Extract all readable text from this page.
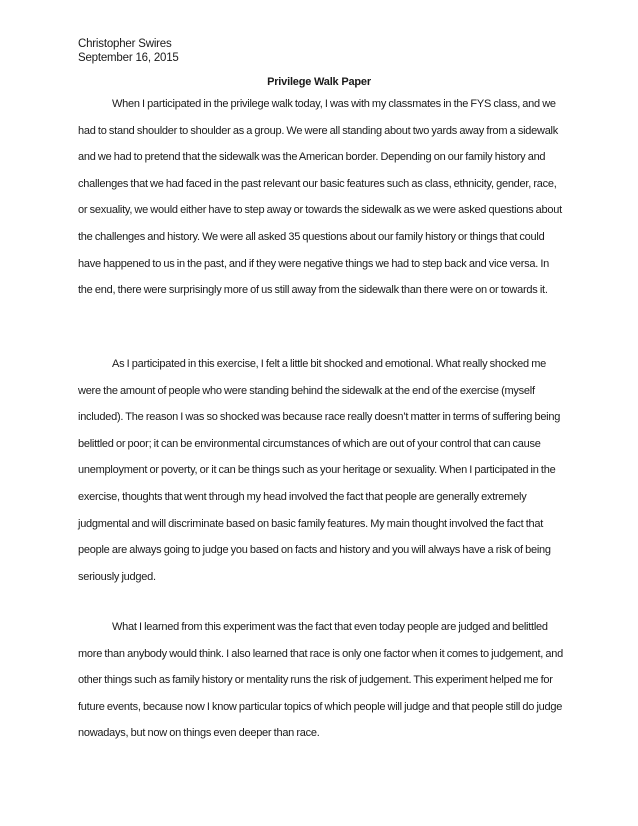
Christopher Swires
September 16, 2015
Privilege Walk Paper

When I participated in the privilege walk today, I was with my classmates in the FYS class, and we had to stand shoulder to shoulder as a group. We were all standing about two yards away from a sidewalk and we had to pretend that the sidewalk was the American border. Depending on our family history and challenges that we had faced in the past relevant our basic features such as class, ethnicity, gender, race, or sexuality, we would either have to step away or towards the sidewalk as we were asked questions about the challenges and history. We were all asked 35 questions about our family history or things that could have happened to us in the past, and if they were negative things we had to step back and vice versa. In the end, there were surprisingly more of us still away from the sidewalk than there were on or towards it.

As I participated in this exercise, I felt a little bit shocked and emotional. What really shocked me were the amount of people who were standing behind the sidewalk at the end of the exercise (myself included). The reason I was so shocked was because race really doesn’t matter in terms of suffering being belittled or poor; it can be environmental circumstances of which are out of your control that can cause unemployment or poverty, or it can be things such as your heritage or sexuality. When I participated in the exercise, thoughts that went through my head involved the fact that people are generally extremely judgmental and will discriminate based on basic family features. My main thought involved the fact that people are always going to judge you based on facts and history and you will always have a risk of being seriously judged.

What I learned from this experiment was the fact that even today people are judged and belittled more than anybody would think. I also learned that race is only one factor when it comes to judgement, and other things such as family history or mentality runs the risk of judgement. This experiment helped me for future events, because now I know particular topics of which people will judge and that people still do judge nowadays, but now on things even deeper than race.
